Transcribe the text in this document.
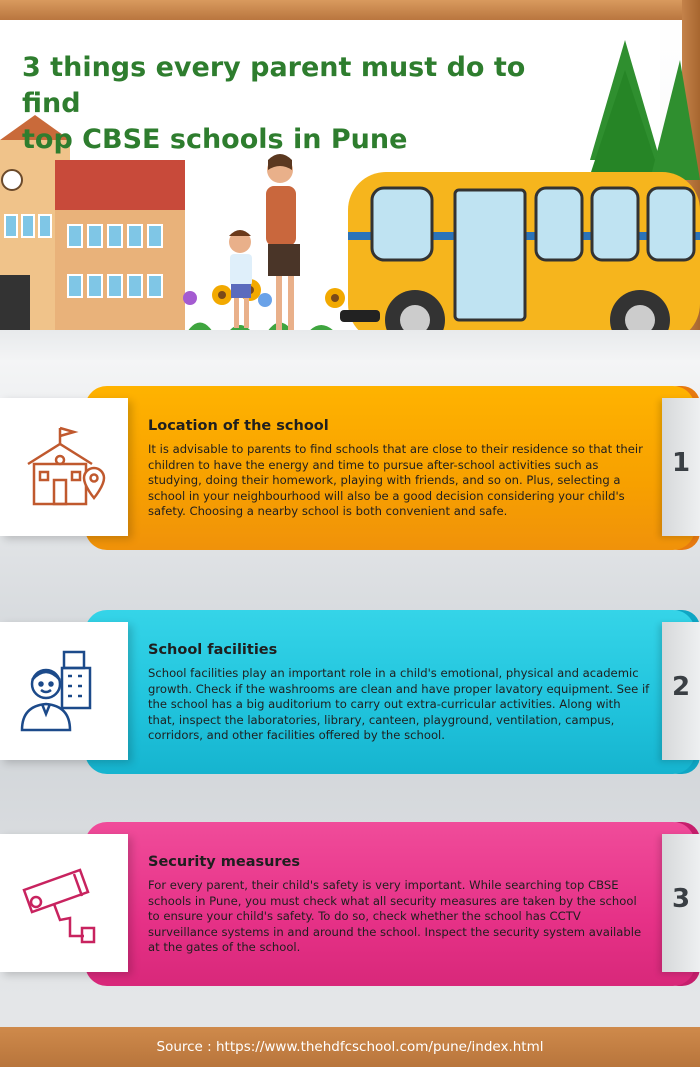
3 things every parent must do to find
top CBSE schools in Pune
1
Location of the school
It is advisable to parents to find schools that are close to their residence so that their children to have the energy and time to pursue after-school activities such as studying, doing their homework, playing with friends, and so on. Plus, selecting a school in your neighbourhood will also be a good decision considering your child's safety. Choosing a nearby school is both convenient and safe.
2
School facilities
School facilities play an important role in a child's emotional, physical and academic growth. Check if the washrooms are clean and have proper lavatory equipment. See if the school has a big auditorium to carry out extra-curricular activities. Along with that, inspect the laboratories, library, canteen, playground, ventilation, campus, corridors, and other facilities offered by the school.
3
Security measures
For every parent, their child's safety is very important. While searching top CBSE schools in Pune, you must check what all security measures are taken by the school to ensure your child's safety. To do so, check whether the school has CCTV surveillance systems in and around the school. Inspect the security system available at the gates of the school.
Source : https://www.thehdfcschool.com/pune/index.html
